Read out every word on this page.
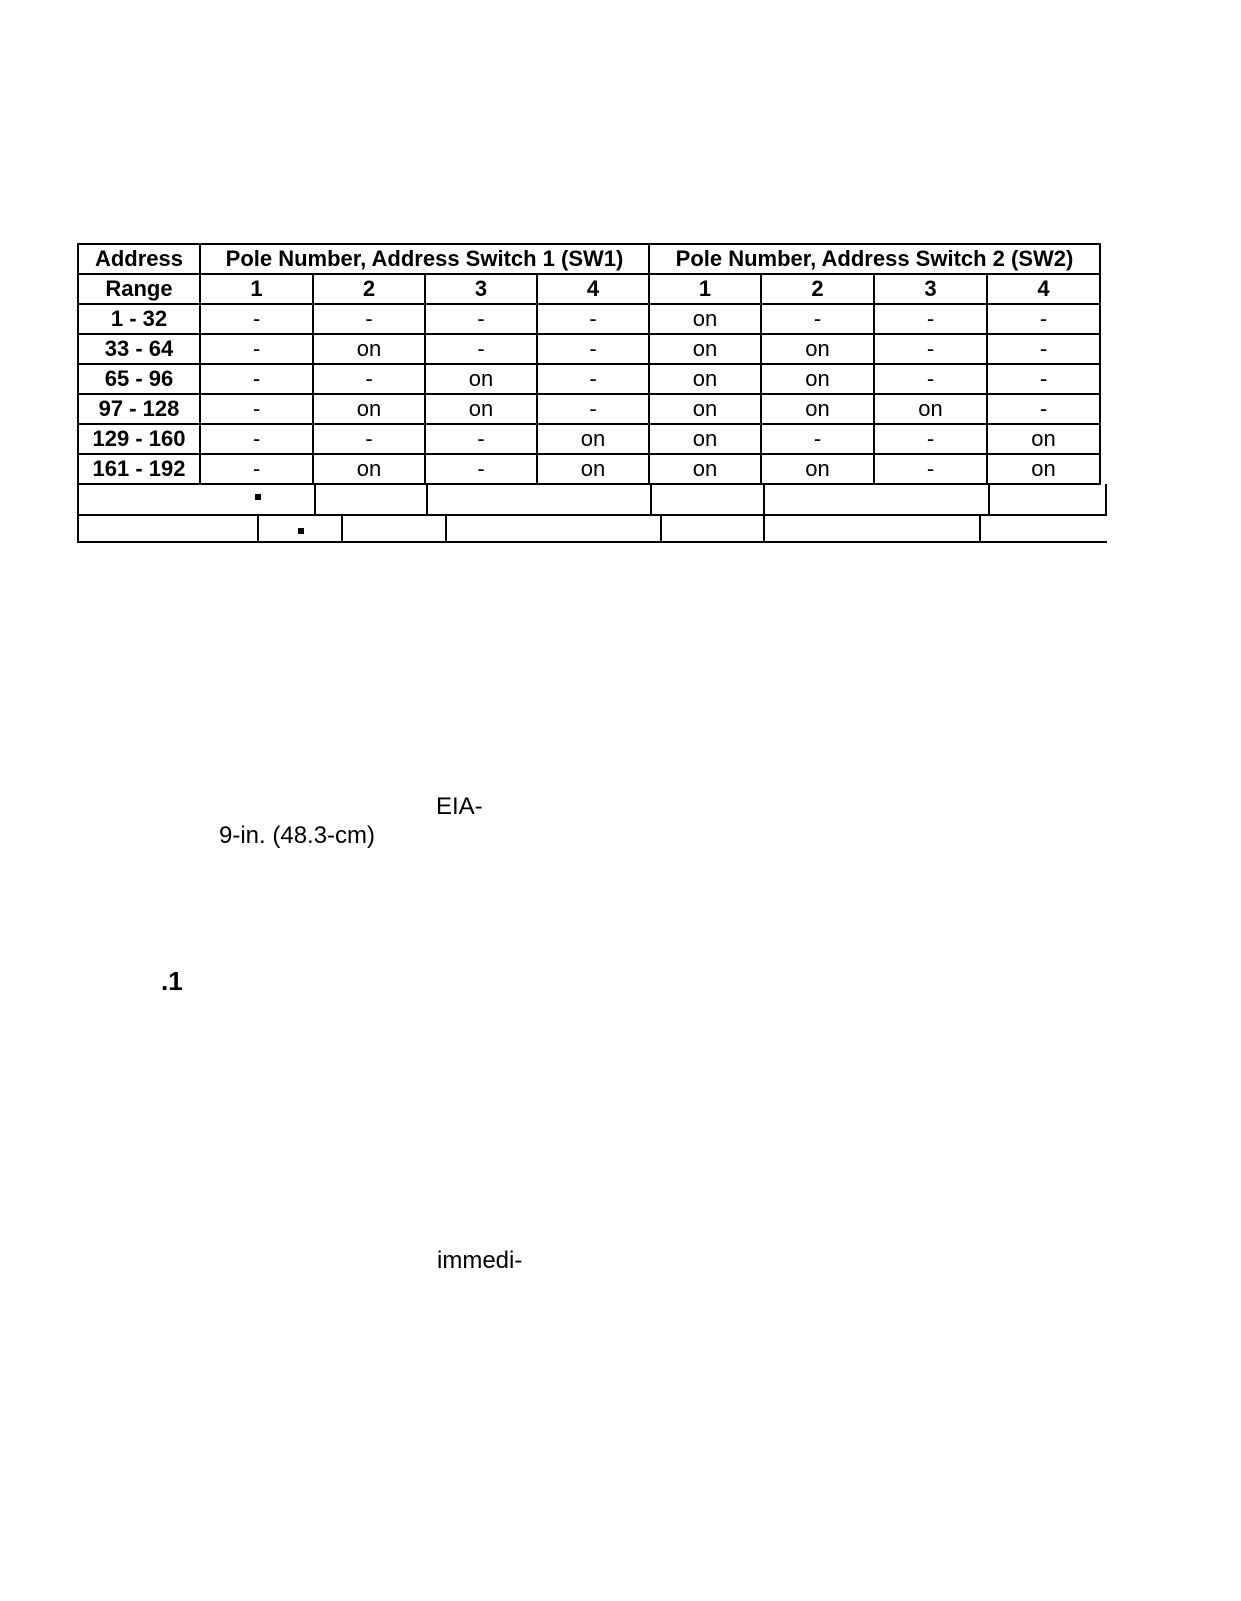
Address	Pole Number, Address Switch 1 (SW1)				Pole Number, Address Switch 2 (SW2)			
Range	1	2	3	4	1	2	3	4
1 - 32	-	-	-	-	on	-	-	-
33 - 64	-	on	-	-	on	on	-	-
65 - 96	-	-	on	-	on	on	-	-
97 - 128	-	on	on	-	on	on	on	-
129 - 160	-	-	-	on	on	-	-	on
161 - 192	-	on	-	on	on	on	-	on
EIA-
9-in. (48.3-cm)
.1
immedi-
